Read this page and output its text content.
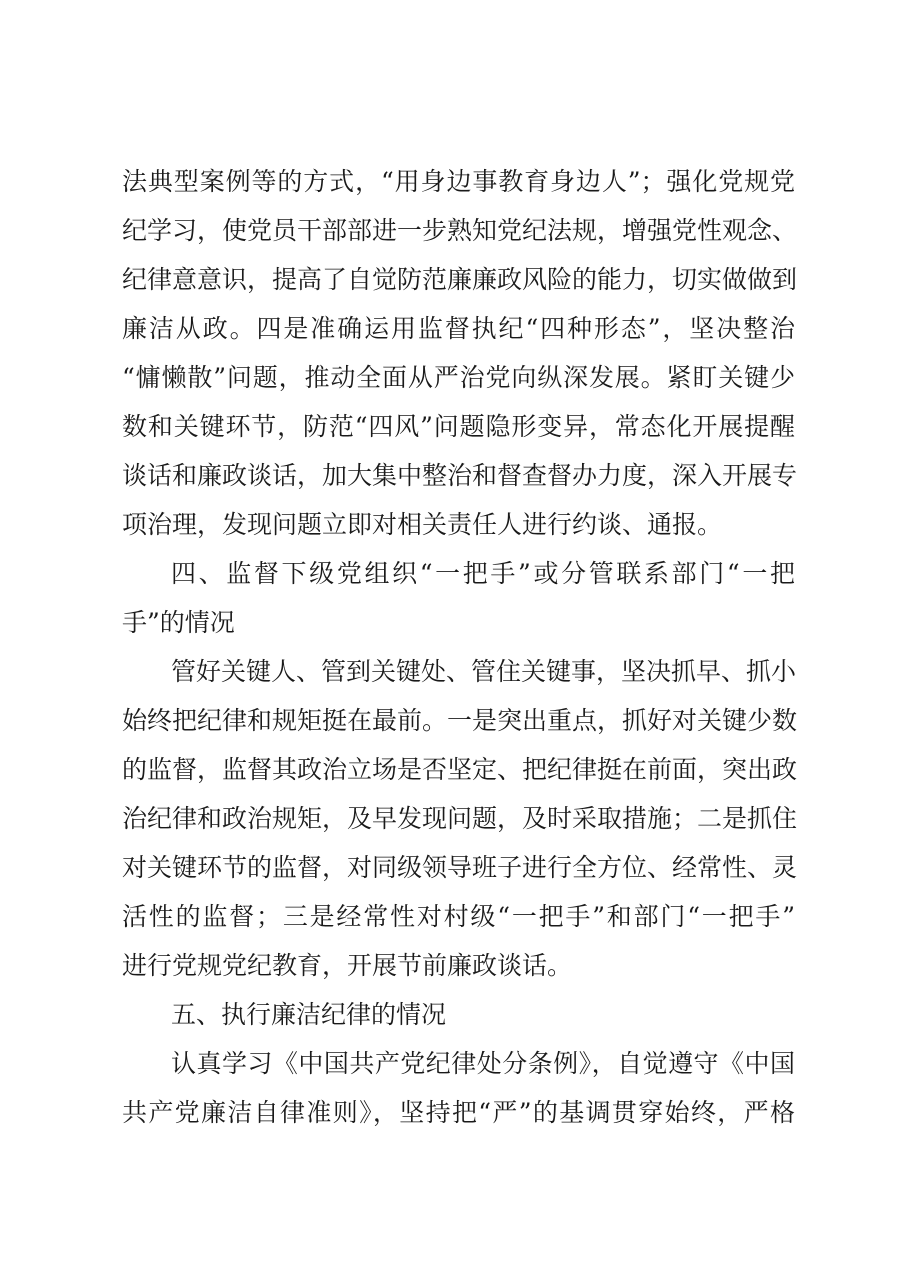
法典型案例等的方式，“用身边事教育身边人”；强化党规党
纪学习，使党员干部部进一步熟知党纪法规，增强党性观念、
纪律意意识，提高了自觉防范廉廉政风险的能力，切实做做到
廉洁从政。四是准确运用监督执纪“四种形态”，坚决整治
“慵懒散”问题，推动全面从严治党向纵深发展。紧盯关键少
数和关键环节，防范“四风”问题隐形变异，常态化开展提醒
谈话和廉政谈话，加大集中整治和督查督办力度，深入开展专
项治理，发现问题立即对相关责任人进行约谈、通报。
四、监督下级党组织“一把手”或分管联系部门“一把
手”的情况
管好关键人、管到关键处、管住关键事，坚决抓早、抓小
始终把纪律和规矩挺在最前。一是突出重点，抓好对关键少数
的监督，监督其政治立场是否坚定、把纪律挺在前面，突出政
治纪律和政治规矩，及早发现问题，及时采取措施；二是抓住
对关键环节的监督，对同级领导班子进行全方位、经常性、灵
活性的监督；三是经常性对村级“一把手”和部门“一把手”
进行党规党纪教育，开展节前廉政谈话。
五、执行廉洁纪律的情况
认真学习《中国共产党纪律处分条例》，自觉遵守《中国
共产党廉洁自律准则》，坚持把“严”的基调贯穿始终，严格
